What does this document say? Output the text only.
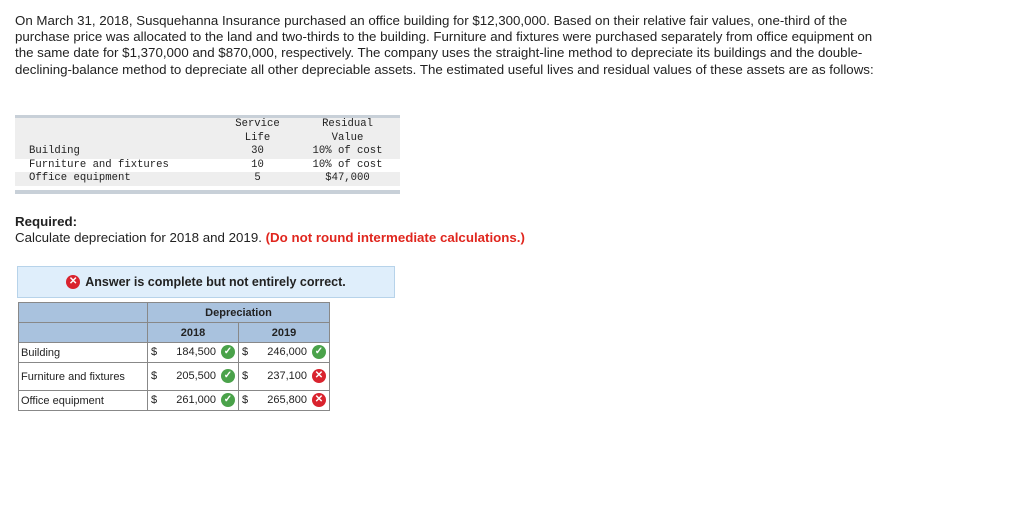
On March 31, 2018, Susquehanna Insurance purchased an office building for $12,300,000. Based on their relative fair values, one-third of the purchase price was allocated to the land and two-thirds to the building. Furniture and fixtures were purchased separately from office equipment on the same date for $1,370,000 and $870,000, respectively. The company uses the straight-line method to depreciate its buildings and the double-declining-balance method to depreciate all other depreciable assets. The estimated useful lives and residual values of these assets are as follows:
Service	Residual
Life	Value
Building	30	10% of cost
Furniture and fixtures	10	10% of cost
Office equipment	5	$47,000
Required:
Calculate depreciation for 2018 and 2019. (Do not round intermediate calculations.)
✕ Answer is complete but not entirely correct.
	Depreciation	
	2018	2019
Building	$ 184,500 ✓	$ 246,000 ✓

Furniture and fixtures	$ 205,500 ✓	$ 237,100 ✕

Office equipment	$ 261,000 ✓	$ 265,800 ✕
